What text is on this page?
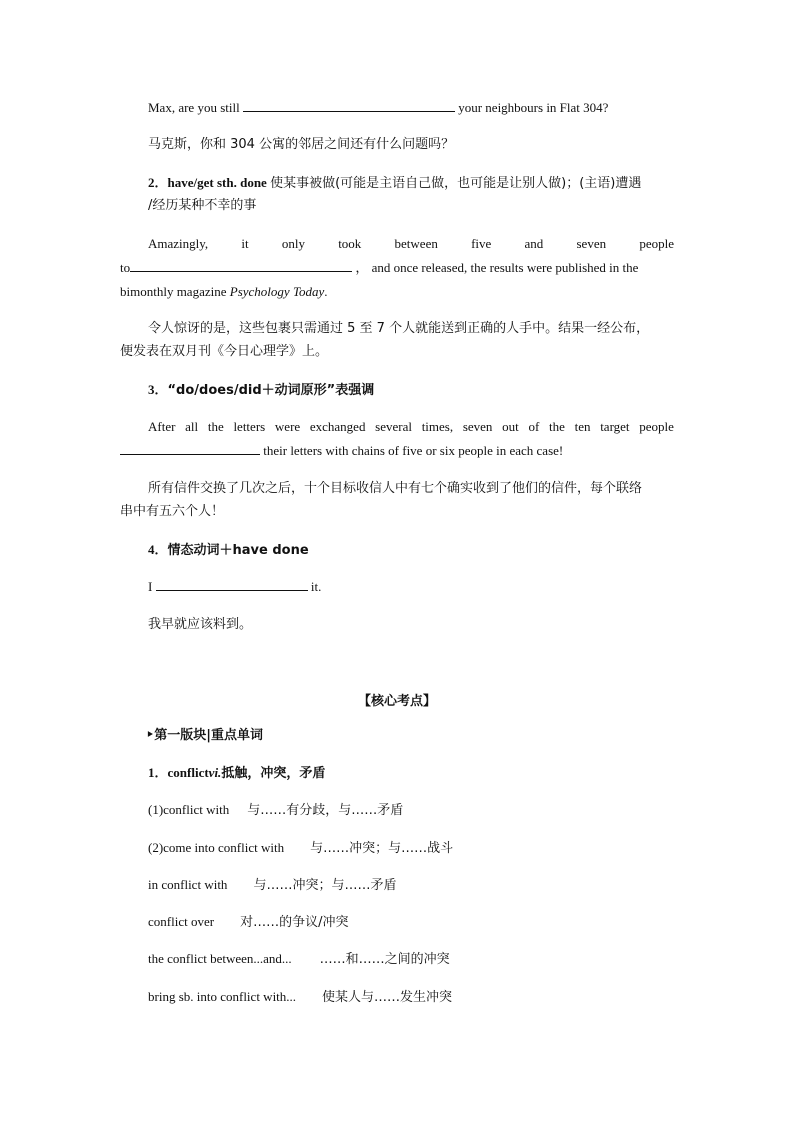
Max, are you still	your neighbours in Flat 304?
马克斯，你和 304 公寓的邻居之间还有什么问题吗？
2．have/get sth. done 使某事被做(可能是主语自己做，也可能是让别人做)；(主语)遭遇
/经历某种不幸的事
Amazingly,	it	only	took	between	five	and	seven	people
to	， and once released, the results were published in the
bimonthly magazine Psychology Today.
令人惊讶的是，这些包裹只需通过 5 至 7 个人就能送到正确的人手中。结果一经公布，
便发表在双月刊《今日心理学》上。
3．“do/does/did＋动词原形”表强调
After all the letters were exchanged several times, seven out of the ten target people
their letters with chains of five or six people in each case!
所有信件交换了几次之后，十个目标收信人中有七个确实收到了他们的信件，每个联络
串中有五六个人！
4．情态动词＋have done
I	it.
我早就应该料到。
【核心考点】
‣第一版块|重点单词
1．conflictvi.抵触，冲突，矛盾
(1)conflict with 与……有分歧，与……矛盾
(2)come into conflict with 与……冲突；与……战斗
in conflict with 与……冲突；与……矛盾
conflict over 对……的争议/冲突
the conflict between...and... ……和……之间的冲突
bring sb. into conflict with... 使某人与……发生冲突
